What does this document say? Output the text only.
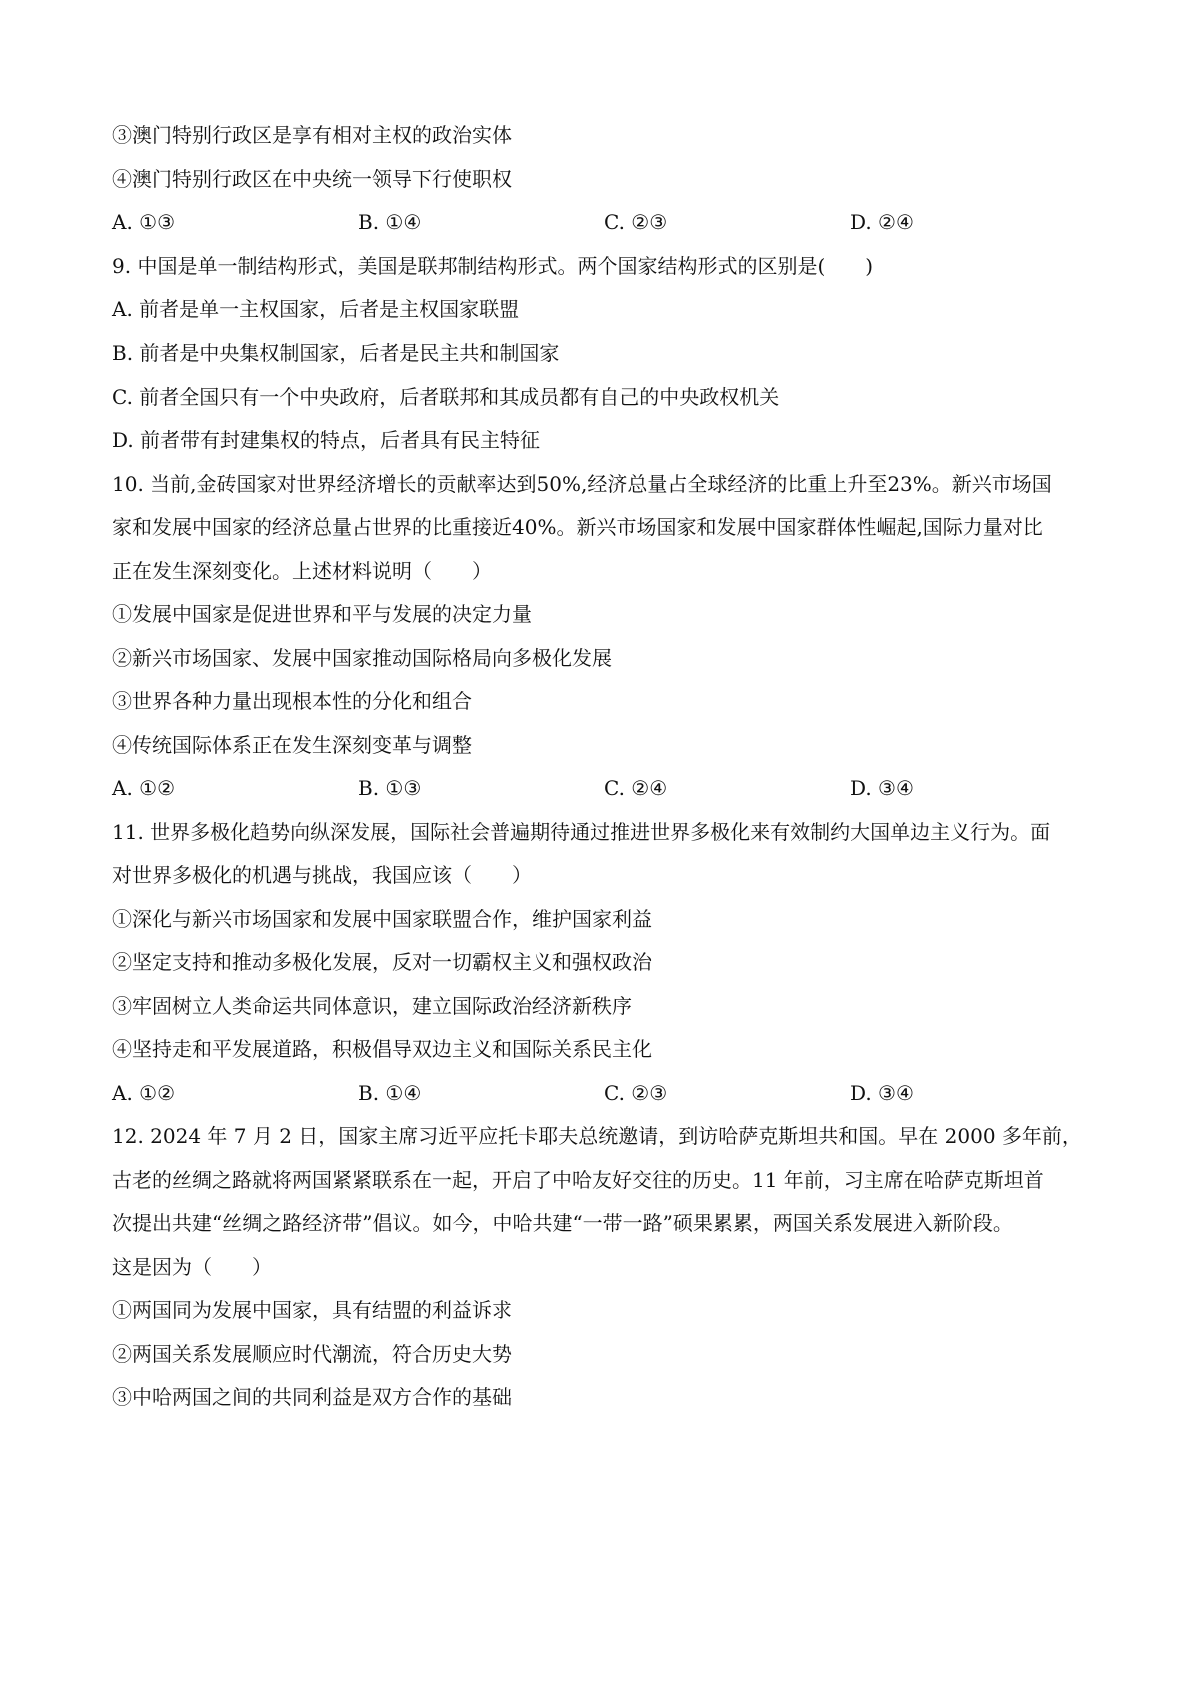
③澳门特别行政区是享有相对主权的政治实体
④澳门特别行政区在中央统一领导下行使职权
A. ①③	B. ①④	C. ②③	D. ②④
9. 中国是单一制结构形式，美国是联邦制结构形式。两个国家结构形式的区别是(　　)
A. 前者是单一主权国家，后者是主权国家联盟
B. 前者是中央集权制国家，后者是民主共和制国家
C. 前者全国只有一个中央政府，后者联邦和其成员都有自己的中央政权机关
D. 前者带有封建集权的特点，后者具有民主特征
10. 当前,金砖国家对世界经济增长的贡献率达到50%,经济总量占全球经济的比重上升至23%。新兴市场国
家和发展中国家的经济总量占世界的比重接近40%。新兴市场国家和发展中国家群体性崛起,国际力量对比
正在发生深刻变化。上述材料说明（　　）
①发展中国家是促进世界和平与发展的决定力量
②新兴市场国家、发展中国家推动国际格局向多极化发展
③世界各种力量出现根本性的分化和组合
④传统国际体系正在发生深刻变革与调整
A. ①②	B. ①③	C. ②④	D. ③④
11. 世界多极化趋势向纵深发展，国际社会普遍期待通过推进世界多极化来有效制约大国单边主义行为。面
对世界多极化的机遇与挑战，我国应该（　　）
①深化与新兴市场国家和发展中国家联盟合作，维护国家利益
②坚定支持和推动多极化发展，反对一切霸权主义和强权政治
③牢固树立人类命运共同体意识，建立国际政治经济新秩序
④坚持走和平发展道路，积极倡导双边主义和国际关系民主化
A. ①②	B. ①④	C. ②③	D. ③④
12. 2024 年 7 月 2 日，国家主席习近平应托卡耶夫总统邀请，到访哈萨克斯坦共和国。早在 2000 多年前，
古老的丝绸之路就将两国紧紧联系在一起，开启了中哈友好交往的历史。11 年前，习主席在哈萨克斯坦首
次提出共建“丝绸之路经济带”倡议。如今，中哈共建“一带一路”硕果累累，两国关系发展进入新阶段。
这是因为（　　）
①两国同为发展中国家，具有结盟的利益诉求
②两国关系发展顺应时代潮流，符合历史大势
③中哈两国之间的共同利益是双方合作的基础
